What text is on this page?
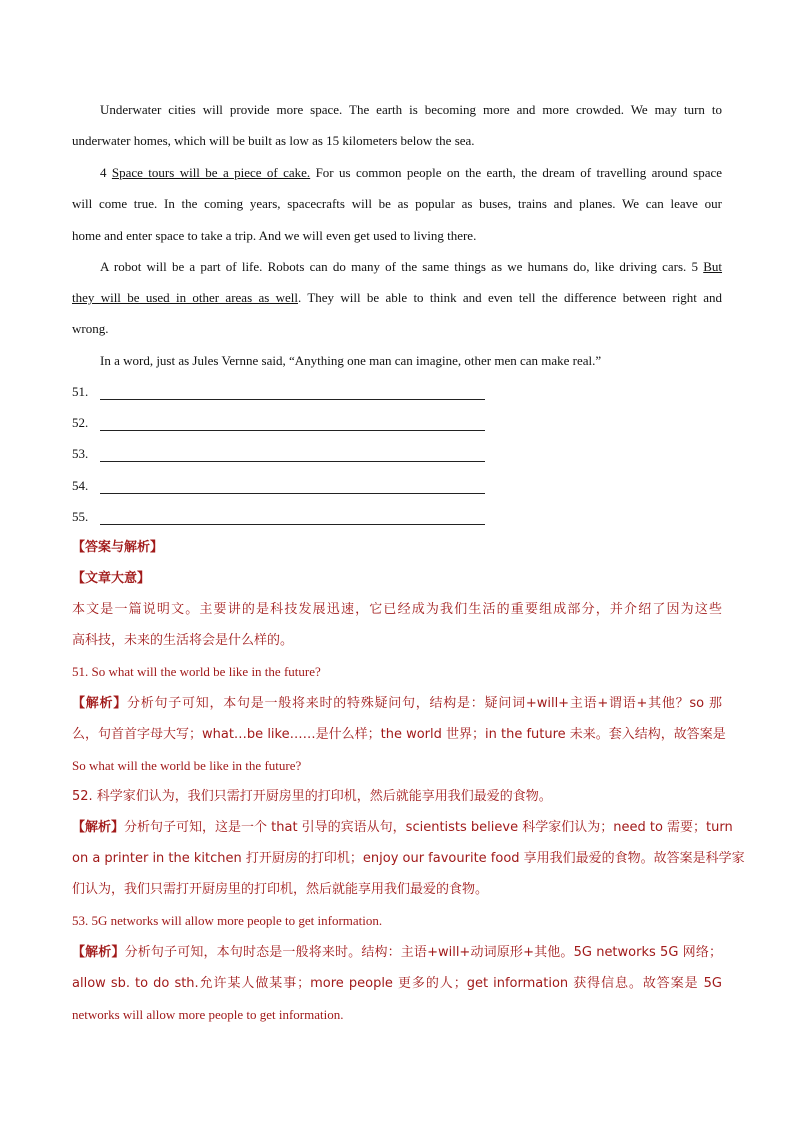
Underwater cities will provide more space. The earth is becoming more and more crowded. We may turn to
underwater homes, which will be built as low as 15 kilometers below the sea.
4 Space tours will be a piece of cake. For us common people on the earth, the dream of travelling around space
will come true. In the coming years, spacecrafts will be as popular as buses, trains and planes. We can leave our
home and enter space to take a trip. And we will even get used to living there.
A robot will be a part of life. Robots can do many of the same things as we humans do, like driving cars. 5 But
they will be used in other areas as well. They will be able to think and even tell the difference between right and
wrong.
In a word, just as Jules Vernne said, “Anything one man can imagine, other men can make real.”
51.
52.
53.
54.
55.
【答案与解析】
【文章大意】
本文是一篇说明文。主要讲的是科技发展迅速，它已经成为我们生活的重要组成部分，并介绍了因为这些
高科技，未来的生活将会是什么样的。
51. So what will the world be like in the future?
【解析】分析句子可知，本句是一般将来时的特殊疑问句，结构是：疑问词+will+主语+谓语+其他？so 那
么，句首首字母大写；what…be like……是什么样；the world 世界；in the future 未来。套入结构，故答案是
So what will the world be like in the future?
52. 科学家们认为，我们只需打开厨房里的打印机，然后就能享用我们最爱的食物。
【解析】分析句子可知，这是一个 that 引导的宾语从句，scientists believe 科学家们认为；need to 需要；turn
on a printer in the kitchen 打开厨房的打印机；enjoy our favourite food 享用我们最爱的食物。故答案是科学家
们认为，我们只需打开厨房里的打印机，然后就能享用我们最爱的食物。
53. 5G networks will allow more people to get information.
【解析】分析句子可知，本句时态是一般将来时。结构：主语+will+动词原形+其他。5G networks 5G 网络；
allow sb. to do sth.允许某人做某事；more people 更多的人；get information 获得信息。故答案是 5G
networks will allow more people to get information.
